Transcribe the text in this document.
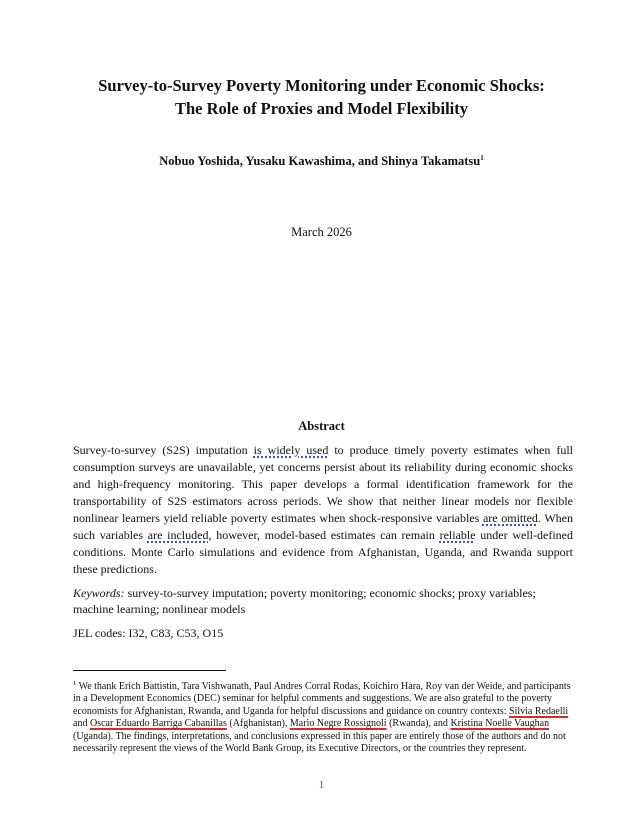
Survey-to-Survey Poverty Monitoring under Economic Shocks:
The Role of Proxies and Model Flexibility
Nobuo Yoshida, Yusaku Kawashima, and Shinya Takamatsu$^1$
March 2026
Abstract
Survey-to-survey (S2S) imputation is widely used to produce timely poverty estimates when full consumption surveys are unavailable, yet concerns persist about its reliability during economic shocks and high-frequency monitoring. This paper develops a formal identification framework for the transportability of S2S estimators across periods. We show that neither linear models nor flexible nonlinear learners yield reliable poverty estimates when shock-responsive variables are omitted. When such variables are included, however, model-based estimates can remain reliable under well-defined conditions. Monte Carlo simulations and evidence from Afghanistan, Uganda, and Rwanda support these predictions.
Keywords: survey-to-survey imputation; poverty monitoring; economic shocks; proxy variables; machine learning; nonlinear models
JEL codes: I32, C83, C53, O15
$^1$ We thank Erich Battistin, Tara Vishwanath, Paul Andres Corral Rodas, Koichiro Hara, Roy van der Weide, and participants in a Development Economics (DEC) seminar for helpful comments and suggestions. We are also grateful to the poverty economists for Afghanistan, Rwanda, and Uganda for helpful discussions and guidance on country contexts: Silvia Redaelli and Oscar Eduardo Barriga Cabanillas (Afghanistan), Mario Negre Rossignoli (Rwanda), and Kristina Noelle Vaughan (Uganda). The findings, interpretations, and conclusions expressed in this paper are entirely those of the authors and do not necessarily represent the views of the World Bank Group, its Executive Directors, or the countries they represent.
1
